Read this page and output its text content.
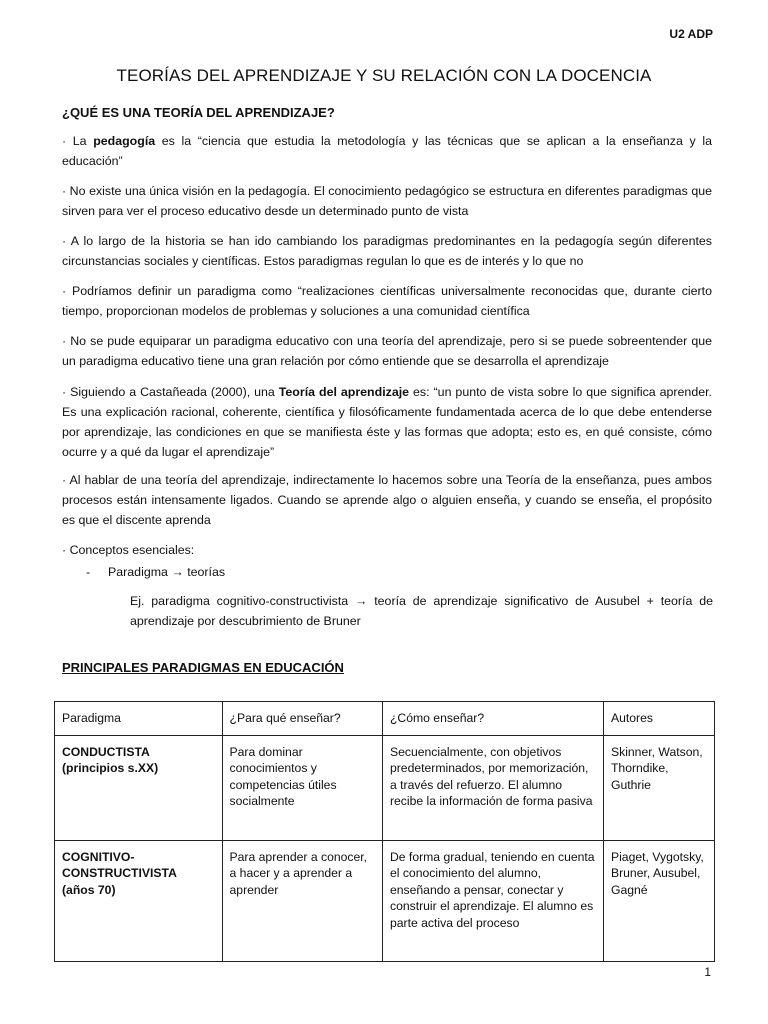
U2 ADP
TEORÍAS DEL APRENDIZAJE Y SU RELACIÓN CON LA DOCENCIA
¿QUÉ ES UNA TEORÍA DEL APRENDIZAJE?
· La pedagogía es la “ciencia que estudia la metodología y las técnicas que se aplican a la enseñanza y la educación”
· No existe una única visión en la pedagogía. El conocimiento pedagógico se estructura en diferentes paradigmas que sirven para ver el proceso educativo desde un determinado punto de vista
· A lo largo de la historia se han ido cambiando los paradigmas predominantes en la pedagogía según diferentes circunstancias sociales y científicas. Estos paradigmas regulan lo que es de interés y lo que no
· Podríamos definir un paradigma como “realizaciones científicas universalmente reconocidas que, durante cierto tiempo, proporcionan modelos de problemas y soluciones a una comunidad científica
· No se pude equiparar un paradigma educativo con una teoría del aprendizaje, pero si se puede sobreentender que un paradigma educativo tiene una gran relación por cómo entiende que se desarrolla el aprendizaje
· Siguiendo a Castañeada (2000), una Teoría del aprendizaje es: “un punto de vista sobre lo que significa aprender. Es una explicación racional, coherente, científica y filosóficamente fundamentada acerca de lo que debe entenderse por aprendizaje, las condiciones en que se manifiesta éste y las formas que adopta; esto es, en qué consiste, cómo ocurre y a qué da lugar el aprendizaje”
· Al hablar de una teoría del aprendizaje, indirectamente lo hacemos sobre una Teoría de la enseñanza, pues ambos procesos están intensamente ligados. Cuando se aprende algo o alguien enseña, y cuando se enseña, el propósito es que el discente aprenda
· Conceptos esenciales:
- Paradigma → teorías
Ej. paradigma cognitivo-constructivista → teoría de aprendizaje significativo de Ausubel + teoría de aprendizaje por descubrimiento de Bruner
PRINCIPALES PARADIGMAS EN EDUCACIÓN
Paradigma	¿Para qué enseñar?	¿Cómo enseñar?	Autores

CONDUCTISTA
(principios s.XX)	Para dominar conocimientos y competencias útiles socialmente	Secuencialmente, con objetivos predeterminados, por memorización, a través del refuerzo. El alumno recibe la información de forma pasiva	Skinner, Watson, Thorndike, Guthrie

COGNITIVO-
CONSTRUCTIVISTA
(años 70)	Para aprender a conocer, a hacer y a aprender a aprender	De forma gradual, teniendo en cuenta el conocimiento del alumno, enseñando a pensar, conectar y construir el aprendizaje. El alumno es parte activa del proceso	Piaget, Vygotsky, Bruner, Ausubel, Gagné
1
